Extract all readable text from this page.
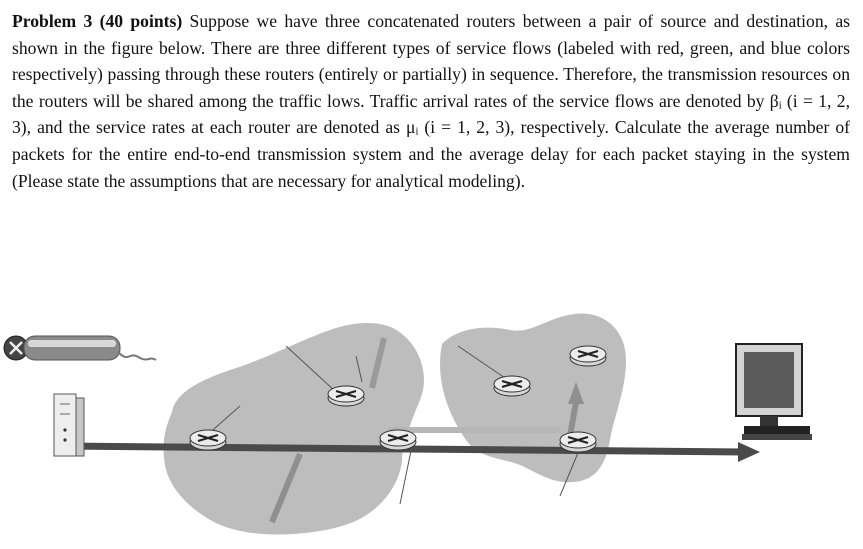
Problem 3 (40 points) Suppose we have three concatenated routers between a pair of source and destination, as shown in the figure below. There are three different types of service flows (labeled with red, green, and blue colors respectively) passing through these routers (entirely or partially) in sequence. Therefore, the transmission resources on the routers will be shared among the traffic lows. Traffic arrival rates of the service flows are denoted by βᵢ (i = 1, 2, 3), and the service rates at each router are denoted as μᵢ (i = 1, 2, 3), respectively. Calculate the average number of packets for the entire end-to-end transmission system and the average delay for each packet staying in the system (Please state the assumptions that are necessary for analytical modeling).
